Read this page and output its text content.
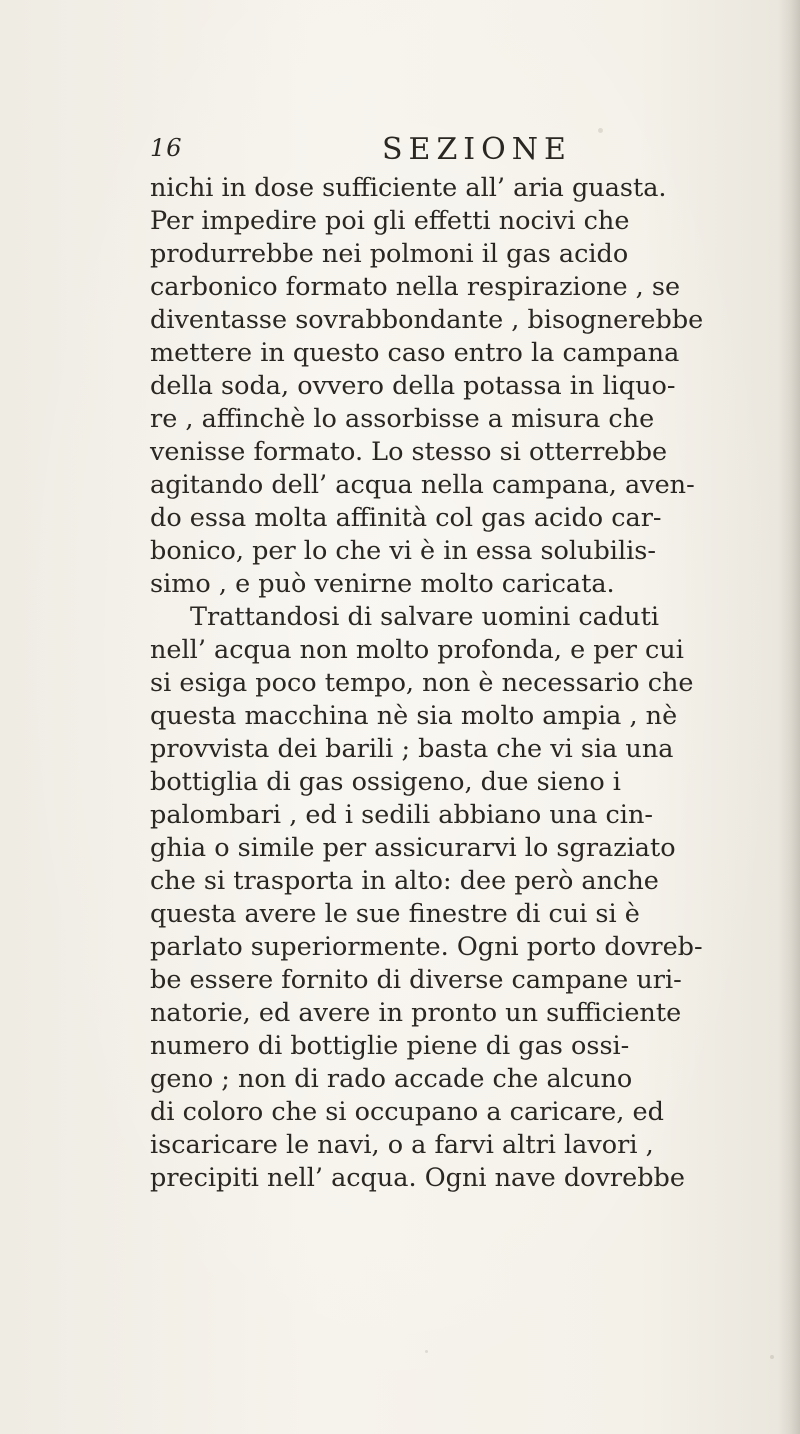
16	SEZIONE
nichi in dose sufficiente all’ aria guasta.
Per impedire poi gli effetti nocivi che
produrrebbe nei polmoni il gas acido
carbonico formato nella respirazione , se
diventasse sovrabbondante , bisognerebbe
mettere in questo caso entro la campana
della soda, ovvero della potassa in liquo-
re , affinchè lo assorbisse a misura che
venisse formato. Lo stesso si otterrebbe
agitando dell’ acqua nella campana, aven-
do essa molta affinità col gas acido car-
bonico, per lo che vi è in essa solubilis-
simo , e può venirne molto caricata.
Trattandosi di salvare uomini caduti
nell’ acqua non molto profonda, e per cui
si esiga poco tempo, non è necessario che
questa macchina nè sia molto ampia , nè
provvista dei barili ; basta che vi sia una
bottiglia di gas ossigeno, due sieno i
palombari , ed i sedili abbiano una cin-
ghia o simile per assicurarvi lo sgraziato
che si trasporta in alto: dee però anche
questa avere le sue finestre di cui si è
parlato superiormente. Ogni porto dovreb-
be essere fornito di diverse campane uri-
natorie, ed avere in pronto un sufficiente
numero di bottiglie piene di gas ossi-
geno ; non di rado accade che alcuno
di coloro che si occupano a caricare, ed
iscaricare le navi, o a farvi altri lavori ,
precipiti nell’ acqua. Ogni nave dovrebbe
